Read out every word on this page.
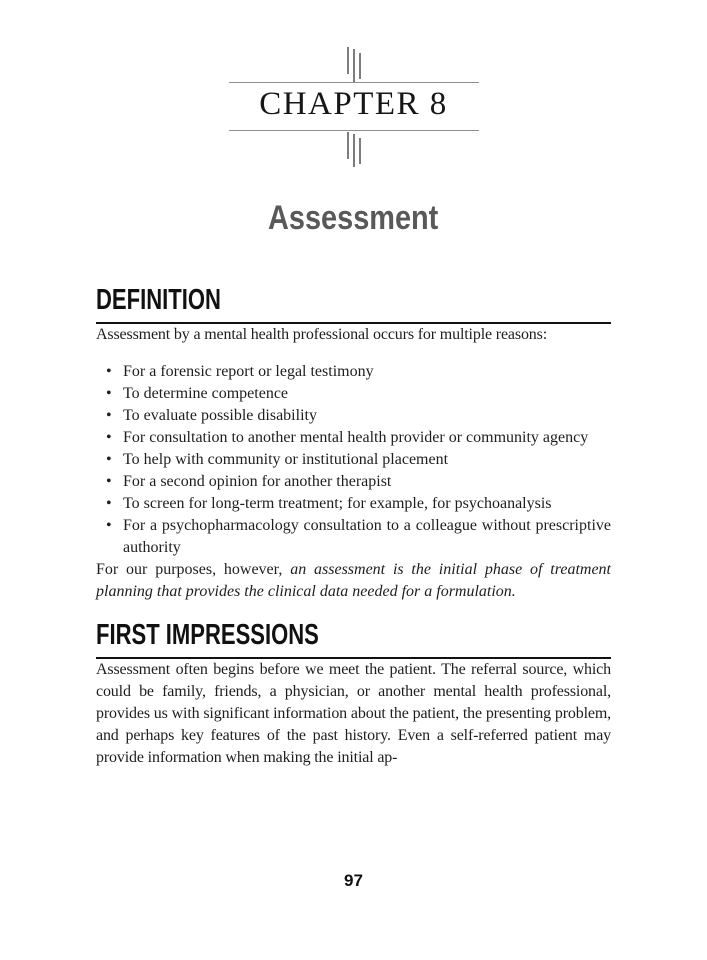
CHAPTER 8
Assessment
DEFINITION

Assessment by a mental health professional occurs for multiple reasons:

• For a forensic report or legal testimony
• To determine competence
• To evaluate possible disability
• For consultation to another mental health provider or community agency
• To help with community or institutional placement
• For a second opinion for another therapist
• To screen for long-term treatment; for example, for psychoanalysis
• For a psychopharmacology consultation to a colleague without prescriptive authority

For our purposes, however, an assessment is the initial phase of treatment planning that provides the clinical data needed for a formulation.

FIRST IMPRESSIONS

Assessment often begins before we meet the patient. The referral source, which could be family, friends, a physician, or another mental health professional, provides us with significant information about the patient, the presenting problem, and perhaps key features of the past history. Even a self-referred patient may provide information when making the initial ap-

97
